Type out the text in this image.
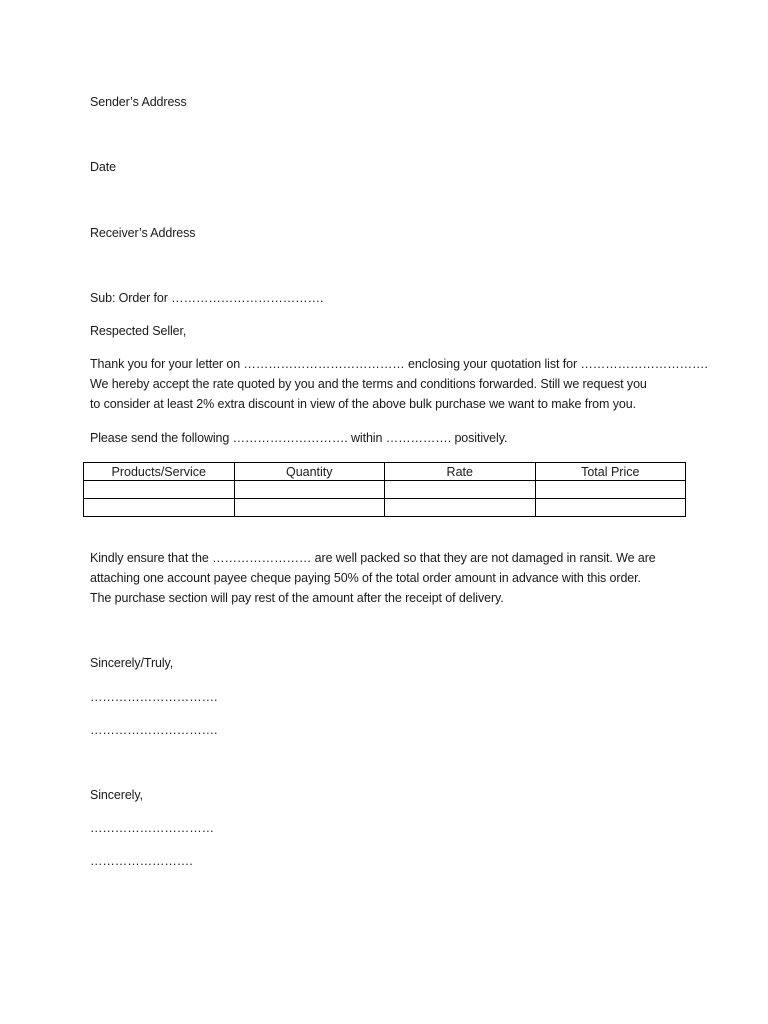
Sender’s Address
Date
Receiver’s Address
Sub: Order for ……………………………….
Respected Seller,
Thank you for your letter on ………………………………… enclosing your quotation list for ………………………….
We hereby accept the rate quoted by you and the terms and conditions forwarded. Still we request you
to consider at least 2% extra discount in view of the above bulk purchase we want to make from you.
Please send the following ………………………. within ……………. positively.
Products/Service	Quantity	Rate	Total Price

Kindly ensure that the …………………… are well packed so that they are not damaged in ransit. We are
attaching one account payee cheque paying 50% of the total order amount in advance with this order.
The purchase section will pay rest of the amount after the receipt of delivery.
Sincerely/Truly,
………………………….
………………………….
Sincerely,
…………………………
…………………….
